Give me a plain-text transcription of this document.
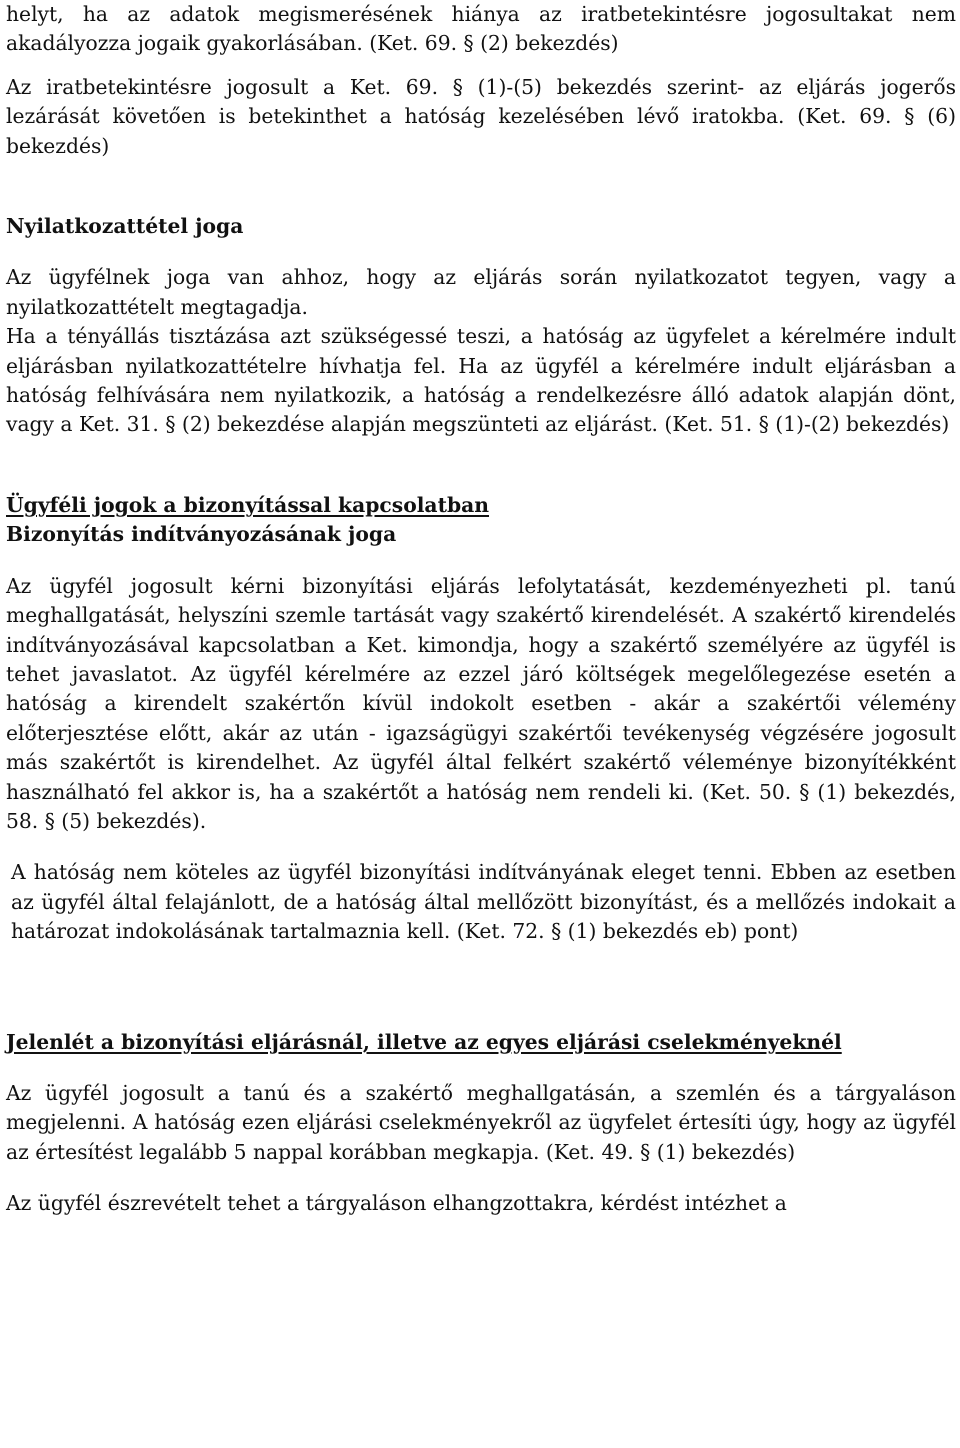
helyt, ha az adatok megismerésének hiánya az iratbetekintésre jogosultakat nem akadályozza jogaik gyakorlásában. (Ket. 69. § (2) bekezdés)

Az iratbetekintésre jogosult a Ket. 69. § (1)-(5) bekezdés szerint- az eljárás jogerős lezárását követően is betekinthet a hatóság kezelésében lévő iratokba. (Ket. 69. § (6) bekezdés)

Nyilatkozattétel joga

Az ügyfélnek joga van ahhoz, hogy az eljárás során nyilatkozatot tegyen, vagy a nyilatkozattételt megtagadja.

Ha a tényállás tisztázása azt szükségessé teszi, a hatóság az ügyfelet a kérelmére indult eljárásban nyilatkozattételre hívhatja fel. Ha az ügyfél a kérelmére indult eljárásban a hatóság felhívására nem nyilatkozik, a hatóság a rendelkezésre álló adatok alapján dönt, vagy a Ket. 31. § (2) bekezdése alapján megszünteti az eljárást. (Ket. 51. § (1)-(2) bekezdés)

Ügyféli jogok a bizonyítással kapcsolatban
Bizonyítás indítványozásának joga

Az ügyfél jogosult kérni bizonyítási eljárás lefolytatását, kezdeményezheti pl. tanú meghallgatását, helyszíni szemle tartását vagy szakértő kirendelését. A szakértő kirendelés indítványozásával kapcsolatban a Ket. kimondja, hogy a szakértő személyére az ügyfél is tehet javaslatot. Az ügyfél kérelmére az ezzel járó költségek megelőlegezése esetén a hatóság a kirendelt szakértőn kívül indokolt esetben - akár a szakértői vélemény előterjesztése előtt, akár az után - igazságügyi szakértői tevékenység végzésére jogosult más szakértőt is kirendelhet. Az ügyfél által felkért szakértő véleménye bizonyítékként használható fel akkor is, ha a szakértőt a hatóság nem rendeli ki. (Ket. 50. § (1) bekezdés, 58. § (5) bekezdés).

A hatóság nem köteles az ügyfél bizonyítási indítványának eleget tenni. Ebben az esetben az ügyfél által felajánlott, de a hatóság által mellőzött bizonyítást, és a mellőzés indokait a határozat indokolásának tartalmaznia kell. (Ket. 72. § (1) bekezdés eb) pont)

Jelenlét a bizonyítási eljárásnál, illetve az egyes eljárási cselekményeknél

Az ügyfél jogosult a tanú és a szakértő meghallgatásán, a szemlén és a tárgyaláson megjelenni. A hatóság ezen eljárási cselekményekről az ügyfelet értesíti úgy, hogy az ügyfél az értesítést legalább 5 nappal korábban megkapja. (Ket. 49. § (1) bekezdés)

Az ügyfél észrevételt tehet a tárgyaláson elhangzottakra, kérdést intézhet a
